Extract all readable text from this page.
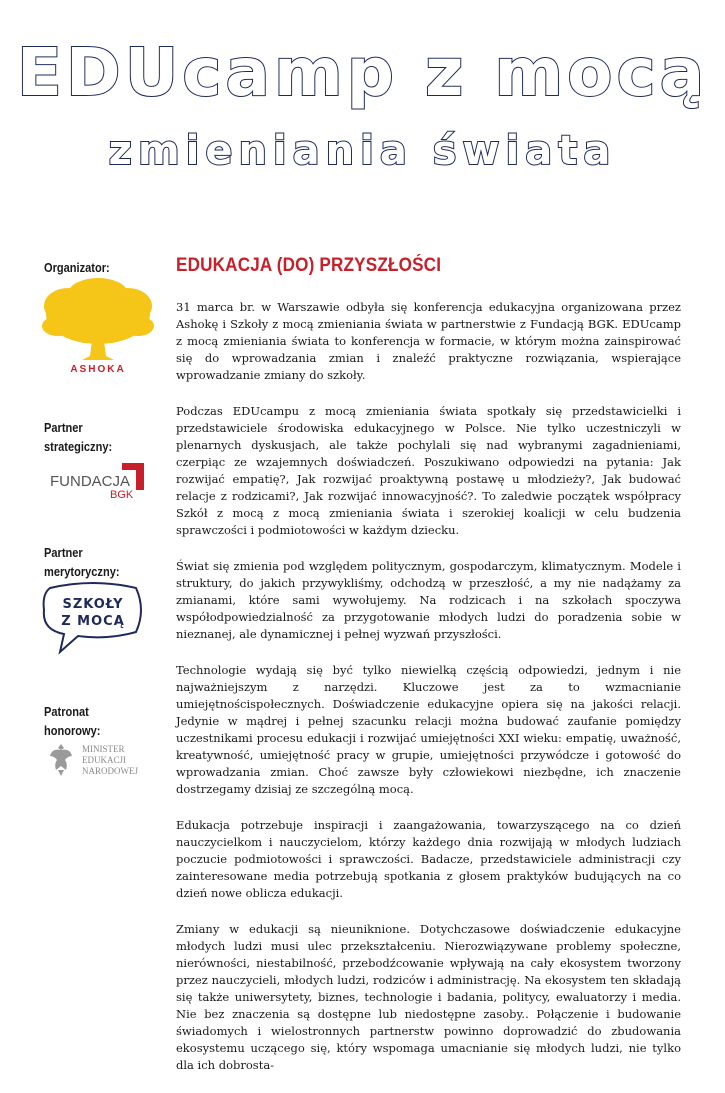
EDUcamp z mocą
zmieniania świata
Organizator:
ASHOKA
Partner
strategiczny:
FUNDACJA
BGK
Partner
merytoryczny:
SZKOŁY
Z MOCĄ
Patronat
honorowy:
MINISTER
EDUKACJI
NARODOWEJ
EDUKACJA (DO) PRZYSZŁOŚCI

31 marca br. w Warszawie odbyła się konferencja edukacyjna organizowana przez Ashokę i Szkoły z mocą zmieniania świata w partnerstwie z Fundacją BGK. EDUcamp z mocą zmieniania świata to konferencja w formacie, w którym można zainspirować się do wprowadzania zmian i znaleźć praktyczne rozwiązania, wspierające wprowadzanie zmiany do szkoły.

Podczas EDUcampu z mocą zmieniania świata spotkały się przedstawicielki i przedstawiciele środowiska edukacyjnego w Polsce. Nie tylko uczestniczyli w plenarnych dyskusjach, ale także pochylali się nad wybranymi zagadnieniami, czerpiąc ze wzajemnych doświadczeń. Poszukiwano odpowiedzi na pytania: Jak rozwijać empatię?, Jak rozwijać proaktywną postawę u młodzieży?, Jak budować relacje z rodzicami?, Jak rozwijać innowacyjność?. To zaledwie początek współpracy Szkół z mocą z mocą zmieniania świata i szerokiej koalicji w celu budzenia sprawczości i podmiotowości w każdym dziecku.

Świat się zmienia pod względem politycznym, gospodarczym, klimatycznym. Modele i struktury, do jakich przywykliśmy, odchodzą w przeszłość, a my nie nadążamy za zmianami, które sami wywołujemy. Na rodzicach i na szkołach spoczywa współodpowiedzialność za przygotowanie młodych ludzi do poradzenia sobie w nieznanej, ale dynamicznej i pełnej wyzwań przyszłości.

Technologie wydają się być tylko niewielką częścią odpowiedzi, jednym i nie najważniejszym z narzędzi. Kluczowe jest za to wzmacnianie umiejętnościspołecznych. Doświadczenie edukacyjne opiera się na jakości relacji. Jedynie w mądrej i pełnej szacunku relacji można budować zaufanie pomiędzy uczestnikami procesu edukacji i rozwijać umiejętności XXI wieku: empatię, uważność, kreatywność, umiejętność pracy w grupie, umiejętności przywódcze i gotowość do wprowadzania zmian. Choć zawsze były człowiekowi niezbędne, ich znaczenie dostrzegamy dzisiaj ze szczególną mocą.

Edukacja potrzebuje inspiracji i zaangażowania, towarzyszącego na co dzień nauczycielkom i nauczycielom, którzy każdego dnia rozwijają w młodych ludziach poczucie podmiotowości i sprawczości. Badacze, przedstawiciele administracji czy zainteresowane media potrzebują spotkania z głosem praktyków budujących na co dzień nowe oblicza edukacji.

Zmiany w edukacji są nieuniknione. Dotychczasowe doświadczenie edukacyjne młodych ludzi musi ulec przekształceniu. Nierozwiązywane problemy społeczne, nierówności, niestabilność, przebodźcowanie wpływają na cały ekosystem tworzony przez nauczycieli, młodych ludzi, rodziców i administrację. Na ekosystem ten składają się także uniwersytety, biznes, technologie i badania, politycy, ewaluatorzy i media. Nie bez znaczenia są dostępne lub niedostępne zasoby.. Połączenie i budowanie świadomych i wielostronnych partnerstw powinno doprowadzić do zbudowania ekosystemu uczącego się, który wspomaga umacnianie się młodych ludzi, nie tylko dla ich dobrosta-
